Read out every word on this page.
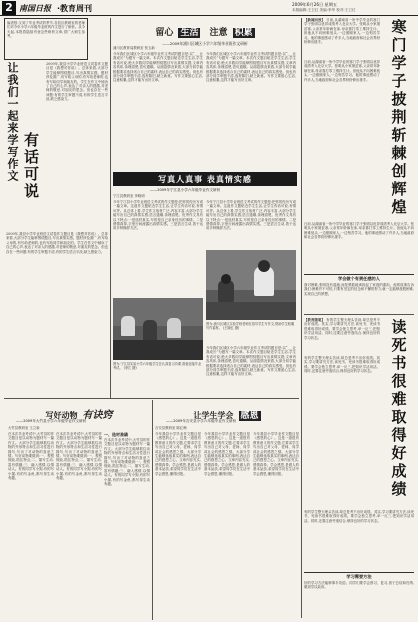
2 南国日报 ·教育周刊	2009年6月26日 星期五
本版编辑:王卫红 美编:李华 校对:王卫红
编者按:又到了毕业考试的季节,各县区教研室的老师们对今年小学六年级毕业班的作文进行了研析。从今天起,本报将陆续刊登这些研析文章,供广大师生参考。
让我们一起来学写作文 有话可说
2009年,我县小学毕业班语文试卷作文题目是《我想对你说》。总体来看,大部分学生能够围绕题目,写出真情实感。题材涉及面广,有写给父母的,有写给老师的,也有写给同学和朋友的。学生在作文中倾诉了自己的心声,表达了对亲人的感激,对老师的敬爱,对朋友的思念。但也存在一些问题:有的学生审题不清,有的学生语言平淡,缺乏感染力。
2009年,我县小学毕业班语文试卷作文题目是《我想对你说》。总体来看,大部分学生能够围绕题目,写出真情实感。题材涉及面广,有写给父母的,有写给老师的,也有写给同学和朋友的。学生在作文中倾诉了自己的心声,表达了对亲人的感激,对老师的敬爱,对朋友的思念。但也存在一些问题:有的学生审题不清,有的学生语言平淡,缺乏感染力。
留心 生活 注意 积累
——2009年浦川区城区小学六年级毕业班作文研析
浦川区教育局教研室 张玉新
今年我们区城区小学六年级毕业作文考试的题目是:以“___让我成长”为题写一篇文章。本次作文题目贴近学生生活,学生有话可说,绝大多数同学能够围绕题目写出真情实感,文章内容具体,条理清楚,语句通顺。从阅卷情况来看,大部分同学能根据要求选择适合自己的素材,表达自己的真实感受。但也有部分同学审题不清,选材陈旧,缺乏新意。写作文要留心生活,注意积累,这样才能写出好文章。
今年我们区城区小学六年级毕业作文考试的题目是:以“___让我成长”为题写一篇文章。本次作文题目贴近学生生活,学生有话可说,绝大多数同学能够围绕题目写出真情实感,文章内容具体,条理清楚,语句通顺。从阅卷情况来看,大部分同学能根据要求选择适合自己的素材,表达自己的真实感受。但也有部分同学审题不清,选材陈旧,缺乏新意。写作文要留心生活,注意积累,这样才能写出好文章。
写真人真事 表真情实感
——2009年宁江县小学六年级毕业作文研析
宁江县教研室 李晓明
今年宁江县小学毕业班语文考试的作文题是:把你的经历写成一篇文章。这道作文题贴近学生生活,让学生有话可说,有情可抒。从总体上看,学生作文取材广泛,内容丰富,大部分学生能写出自己的真情实感,语言通顺,条理清楚。优秀作文具有以下特点:一是选材真实,写的是自己亲身经历的事情。二是感情真挚,字里行间流露出真情实感。三是语言生动,善于运用多种修辞方法。
今年宁江县小学毕业班语文考试的作文题是:把你的经历写成一篇文章。这道作文题贴近学生生活,让学生有话可说,有情可抒。从总体上看,学生作文取材广泛,内容丰富,大部分学生能写出自己的真情实感,语言通顺,条理清楚。优秀作文具有以下特点:一是选材真实,写的是自己亲身经历的事情。二是感情真挚,字里行间流露出真情实感。三是语言生动,善于运用多种修辞方法。
图为:宁江县实验小学六年级学生在认真复习功课,准备迎接毕业考试。 (李江 摄)
图为:浦川区城区实验学校老师在指导学生写作文,帮助学生积累写作素材。 (王晓红 摄)
今年我们区城区小学六年级毕业作文考试的题目是:以“___让我成长”为题写一篇文章。本次作文题目贴近学生生活,学生有话可说,绝大多数同学能够围绕题目写出真情实感,文章内容具体,条理清楚,语句通顺。从阅卷情况来看,大部分同学能根据要求选择适合自己的素材,表达自己的真实感受。但也有部分同学审题不清,选材陈旧,缺乏新意。写作文要留心生活,注意积累,这样才能写出好文章。
写好动物 有诀窍
——2009年大竹县小学六年级毕业作文研析
大竹县教研室 王立新
在本次毕业考试中,大竹县的作文题目是以动物为题材写一篇作文。大部分学生能够抓住动物的外形特点和生活习性进行描写,写出了对动物的喜爱之情。写好动物要做到:一、观察细致,抓住特点;二、描写生动,富有情趣;三、融入感情,以情动人。有的同学写小狗,有的写小猫,有的写金鱼,都写得生动有趣。
在本次毕业考试中,大竹县的作文题目是以动物为题材写一篇作文。大部分学生能够抓住动物的外形特点和生活习性进行描写,写出了对动物的喜爱之情。写好动物要做到:一、观察细致,抓住特点;二、描写生动,富有情趣;三、融入感情,以情动人。有的同学写小狗,有的写小猫,有的写金鱼,都写得生动有趣。
一、选材准确
在本次毕业考试中,大竹县的作文题目是以动物为题材写一篇作文。大部分学生能够抓住动物的外形特点和生活习性进行描写,写出了对动物的喜爱之情。写好动物要做到:一、观察细致,抓住特点;二、描写生动,富有情趣;三、融入感情,以情动人。有的同学写小狗,有的写小猫,有的写金鱼,都写得生动有趣。
让学生学会 感恩
——2009年吉安县小学六年级毕业作文研析
吉安县教研室 陈红梅
今年我县小学毕业作文题目是《感恩的心》。这是一道很有教育意义的作文题,它要求学生写出自己对父母、老师、同学或社会的感恩之情。大部分学生能够选取真实的事例,表达自己的感恩之心。文章内容充实,感情真挚。学会感恩,是做人的基本品质,希望同学们在生活中学会感恩,懂得回报。
今年我县小学毕业作文题目是《感恩的心》。这是一道很有教育意义的作文题,它要求学生写出自己对父母、老师、同学或社会的感恩之情。大部分学生能够选取真实的事例,表达自己的感恩之心。文章内容充实,感情真挚。学会感恩,是做人的基本品质,希望同学们在生活中学会感恩,懂得回报。
今年我县小学毕业作文题目是《感恩的心》。这是一道很有教育意义的作文题,它要求学生写出自己对父母、老师、同学或社会的感恩之情。大部分学生能够选取真实的事例,表达自己的感恩之心。文章内容充实,感情真挚。学会感恩,是做人的基本品质,希望同学们在生活中学会感恩,懂得回报。
【新闻回放】 日前,从湖南省一所中学毕业的寒门学子张明以优异成绩考入北京大学。张明从小家境贫寒,父亲常年卧病在床,母亲靠打零工维持生计。但他从不向困难低头,一边照顾家人,一边刻苦学习。他的事迹感动了许多人,当地政府和社会各界纷纷伸出援手。
寒
门
学
子
披
荆
斩
棘
创
辉
煌
日前,从湖南省一所中学毕业的寒门学子张明以优异成绩考入北京大学。张明从小家境贫寒,父亲常年卧病在床,母亲靠打零工维持生计。但他从不向困难低头,一边照顾家人,一边刻苦学习。他的事迹感动了许多人,当地政府和社会各界纷纷伸出援手。
日前,从湖南省一所中学毕业的寒门学子张明以优异成绩考入北京大学。张明从小家境贫寒,父亲常年卧病在床,母亲靠打零工维持生计。但他从不向困难低头,一边照顾家人,一边刻苦学习。他的事迹感动了许多人,当地政府和社会各界纷纷伸出援手。
学会做个有责任感的人
面对困难,张明没有退缩,而是勇敢地承担起了家庭的重担。他的故事告诉我们:困难并不可怕,只要有坚定的信念和不懈的努力,就一定能够战胜困难,实现自己的梦想。
【教育随笔】 有的学生整天埋头苦读,却总是考不出好成绩。其实,学习要讲究方法,读死书、死读书很难取得好成绩。要学会独立思考,举一反三,把知识学活用活。同时,还要注意劳逸结合,保持良好的学习状态。
读
死
书
很
难
取
得
好
成
绩
有的学生整天埋头苦读,却总是考不出好成绩。其实,学习要讲究方法,读死书、死读书很难取得好成绩。要学会独立思考,举一反三,把知识学活用活。同时,还要注意劳逸结合,保持良好的学习状态。
有的学生整天埋头苦读,却总是考不出好成绩。其实,学习要讲究方法,读死书、死读书很难取得好成绩。要学会独立思考,举一反三,把知识学活用活。同时,还要注意劳逸结合,保持良好的学习状态。
学习需要方法
好的学习方法能够事半功倍。同学们要学会预习、复习,善于总结和归纳,做到学以致用。
